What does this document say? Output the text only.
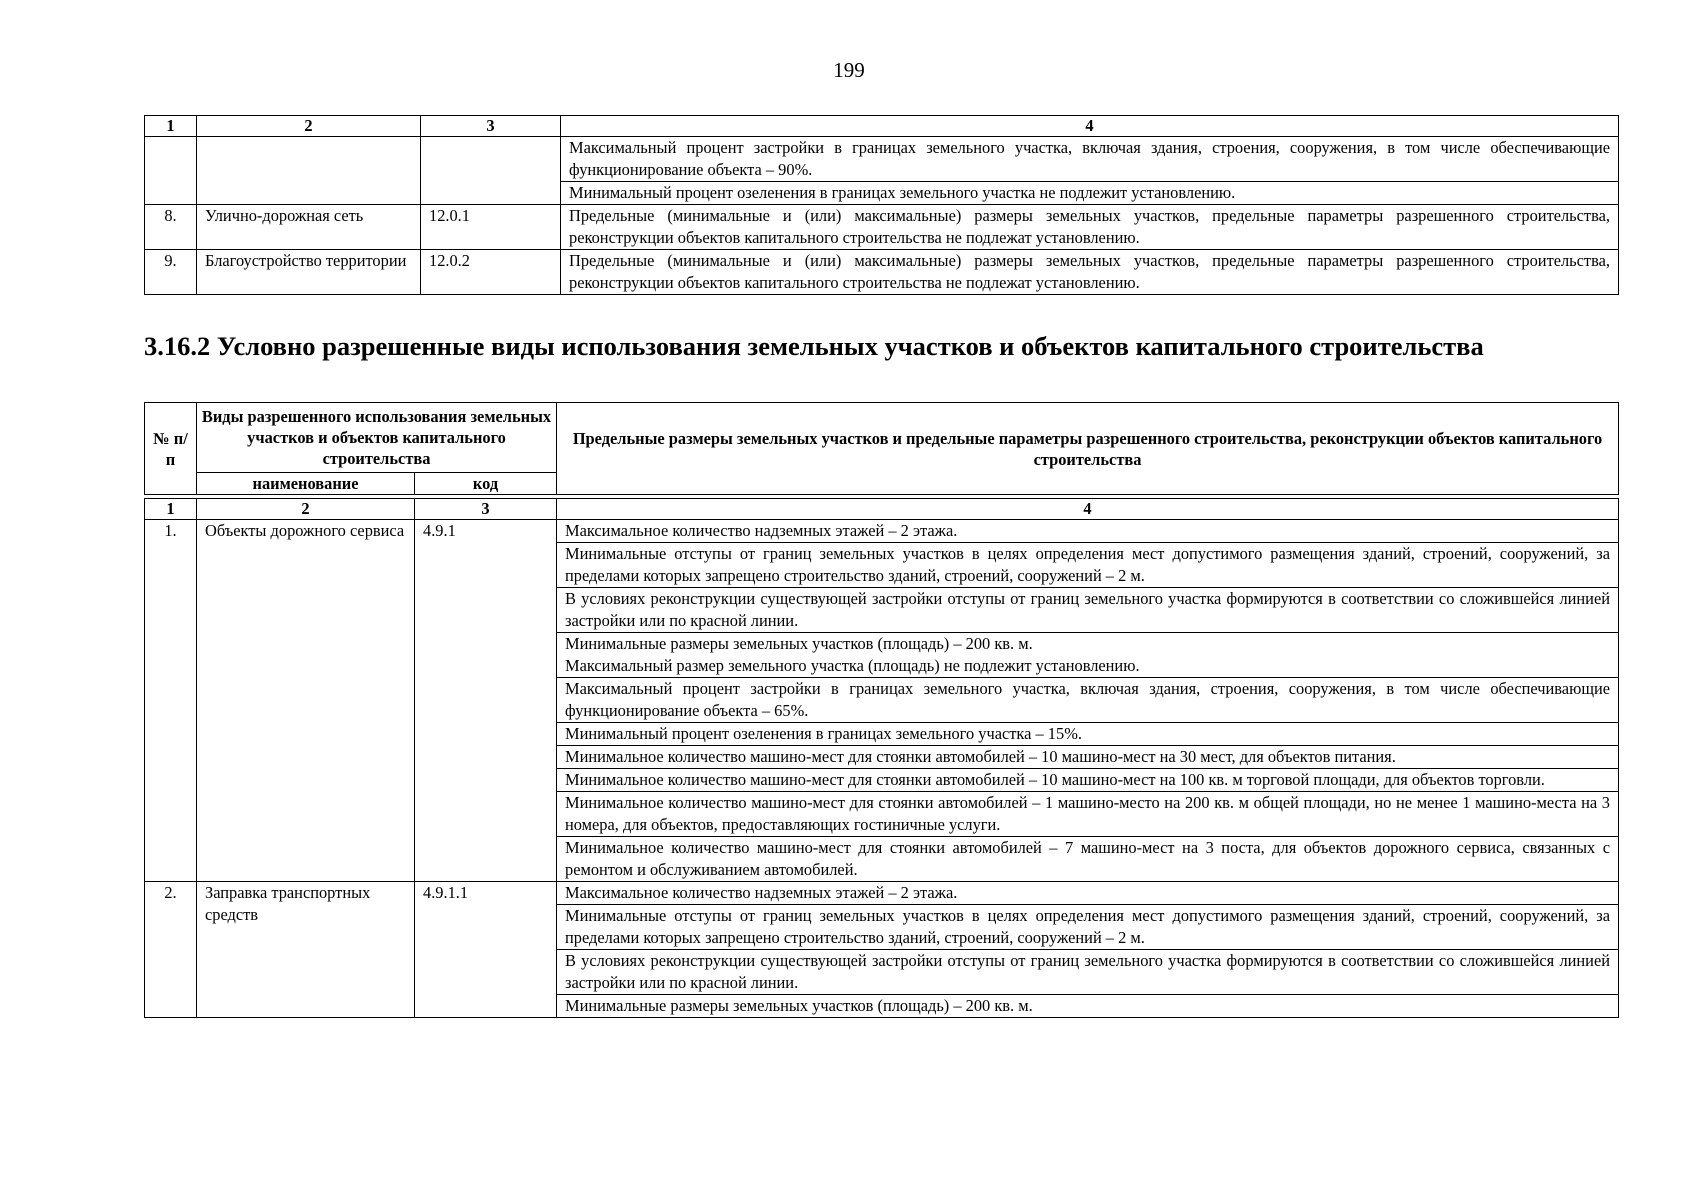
199
1	2	3	4
			Максимальный процент застройки в границах земельного участка, включая здания, строения, сооружения, в том числе обеспечивающие функционирование объекта – 90%.
			Минимальный процент озеленения в границах земельного участка не подлежит установлению.
8.	Улично-дорожная сеть	12.0.1	Предельные (минимальные и (или) максимальные) размеры земельных участков, предельные параметры разрешенного строительства, реконструкции объектов капитального строительства не подлежат установлению.
9.	Благоустройство территории	12.0.2	Предельные (минимальные и (или) максимальные) размеры земельных участков, предельные параметры разрешенного строительства, реконструкции объектов капитального строительства не подлежат установлению.
3.16.2 Условно разрешенные виды использования земельных участков и объектов капитального строительства
№ п/п	Виды разрешенного использования земельных участков и объектов капитального строительства		Предельные размеры земельных участков и предельные параметры разрешенного строительства, реконструкции объектов капитального строительства
	наименование	код	

1	2	3	4
1.	Объекты дорожного сервиса	4.9.1	Максимальное количество надземных этажей – 2 этажа.
			Минимальные отступы от границ земельных участков в целях определения мест допустимого размещения зданий, строений, сооружений, за пределами которых запрещено строительство зданий, строений, сооружений – 2 м.
			В условиях реконструкции существующей застройки отступы от границ земельного участка формируются в соответствии со сложившейся линией застройки или по красной линии.
			Минимальные размеры земельных участков (площадь) – 200 кв. м.
Максимальный размер земельного участка (площадь) не подлежит установлению.
			Максимальный процент застройки в границах земельного участка, включая здания, строения, сооружения, в том числе обеспечивающие функционирование объекта – 65%.
			Минимальный процент озеленения в границах земельного участка – 15%.
			Минимальное количество машино-мест для стоянки автомобилей – 10 машино-мест на 30 мест, для объектов питания.
			Минимальное количество машино-мест для стоянки автомобилей – 10 машино-мест на 100 кв. м торговой площади, для объектов торговли.
			Минимальное количество машино-мест для стоянки автомобилей – 1 машино-место на 200 кв. м общей площади, но не менее 1 машино-места на 3 номера, для объектов, предоставляющих гостиничные услуги.
			Минимальное количество машино-мест для стоянки автомобилей – 7 машино-мест на 3 поста, для объектов дорожного сервиса, связанных с ремонтом и обслуживанием автомобилей.
2.	Заправка транспортных средств	4.9.1.1	Максимальное количество надземных этажей – 2 этажа.
			Минимальные отступы от границ земельных участков в целях определения мест допустимого размещения зданий, строений, сооружений, за пределами которых запрещено строительство зданий, строений, сооружений – 2 м.
			В условиях реконструкции существующей застройки отступы от границ земельного участка формируются в соответствии со сложившейся линией застройки или по красной линии.
			Минимальные размеры земельных участков (площадь) – 200 кв. м.
